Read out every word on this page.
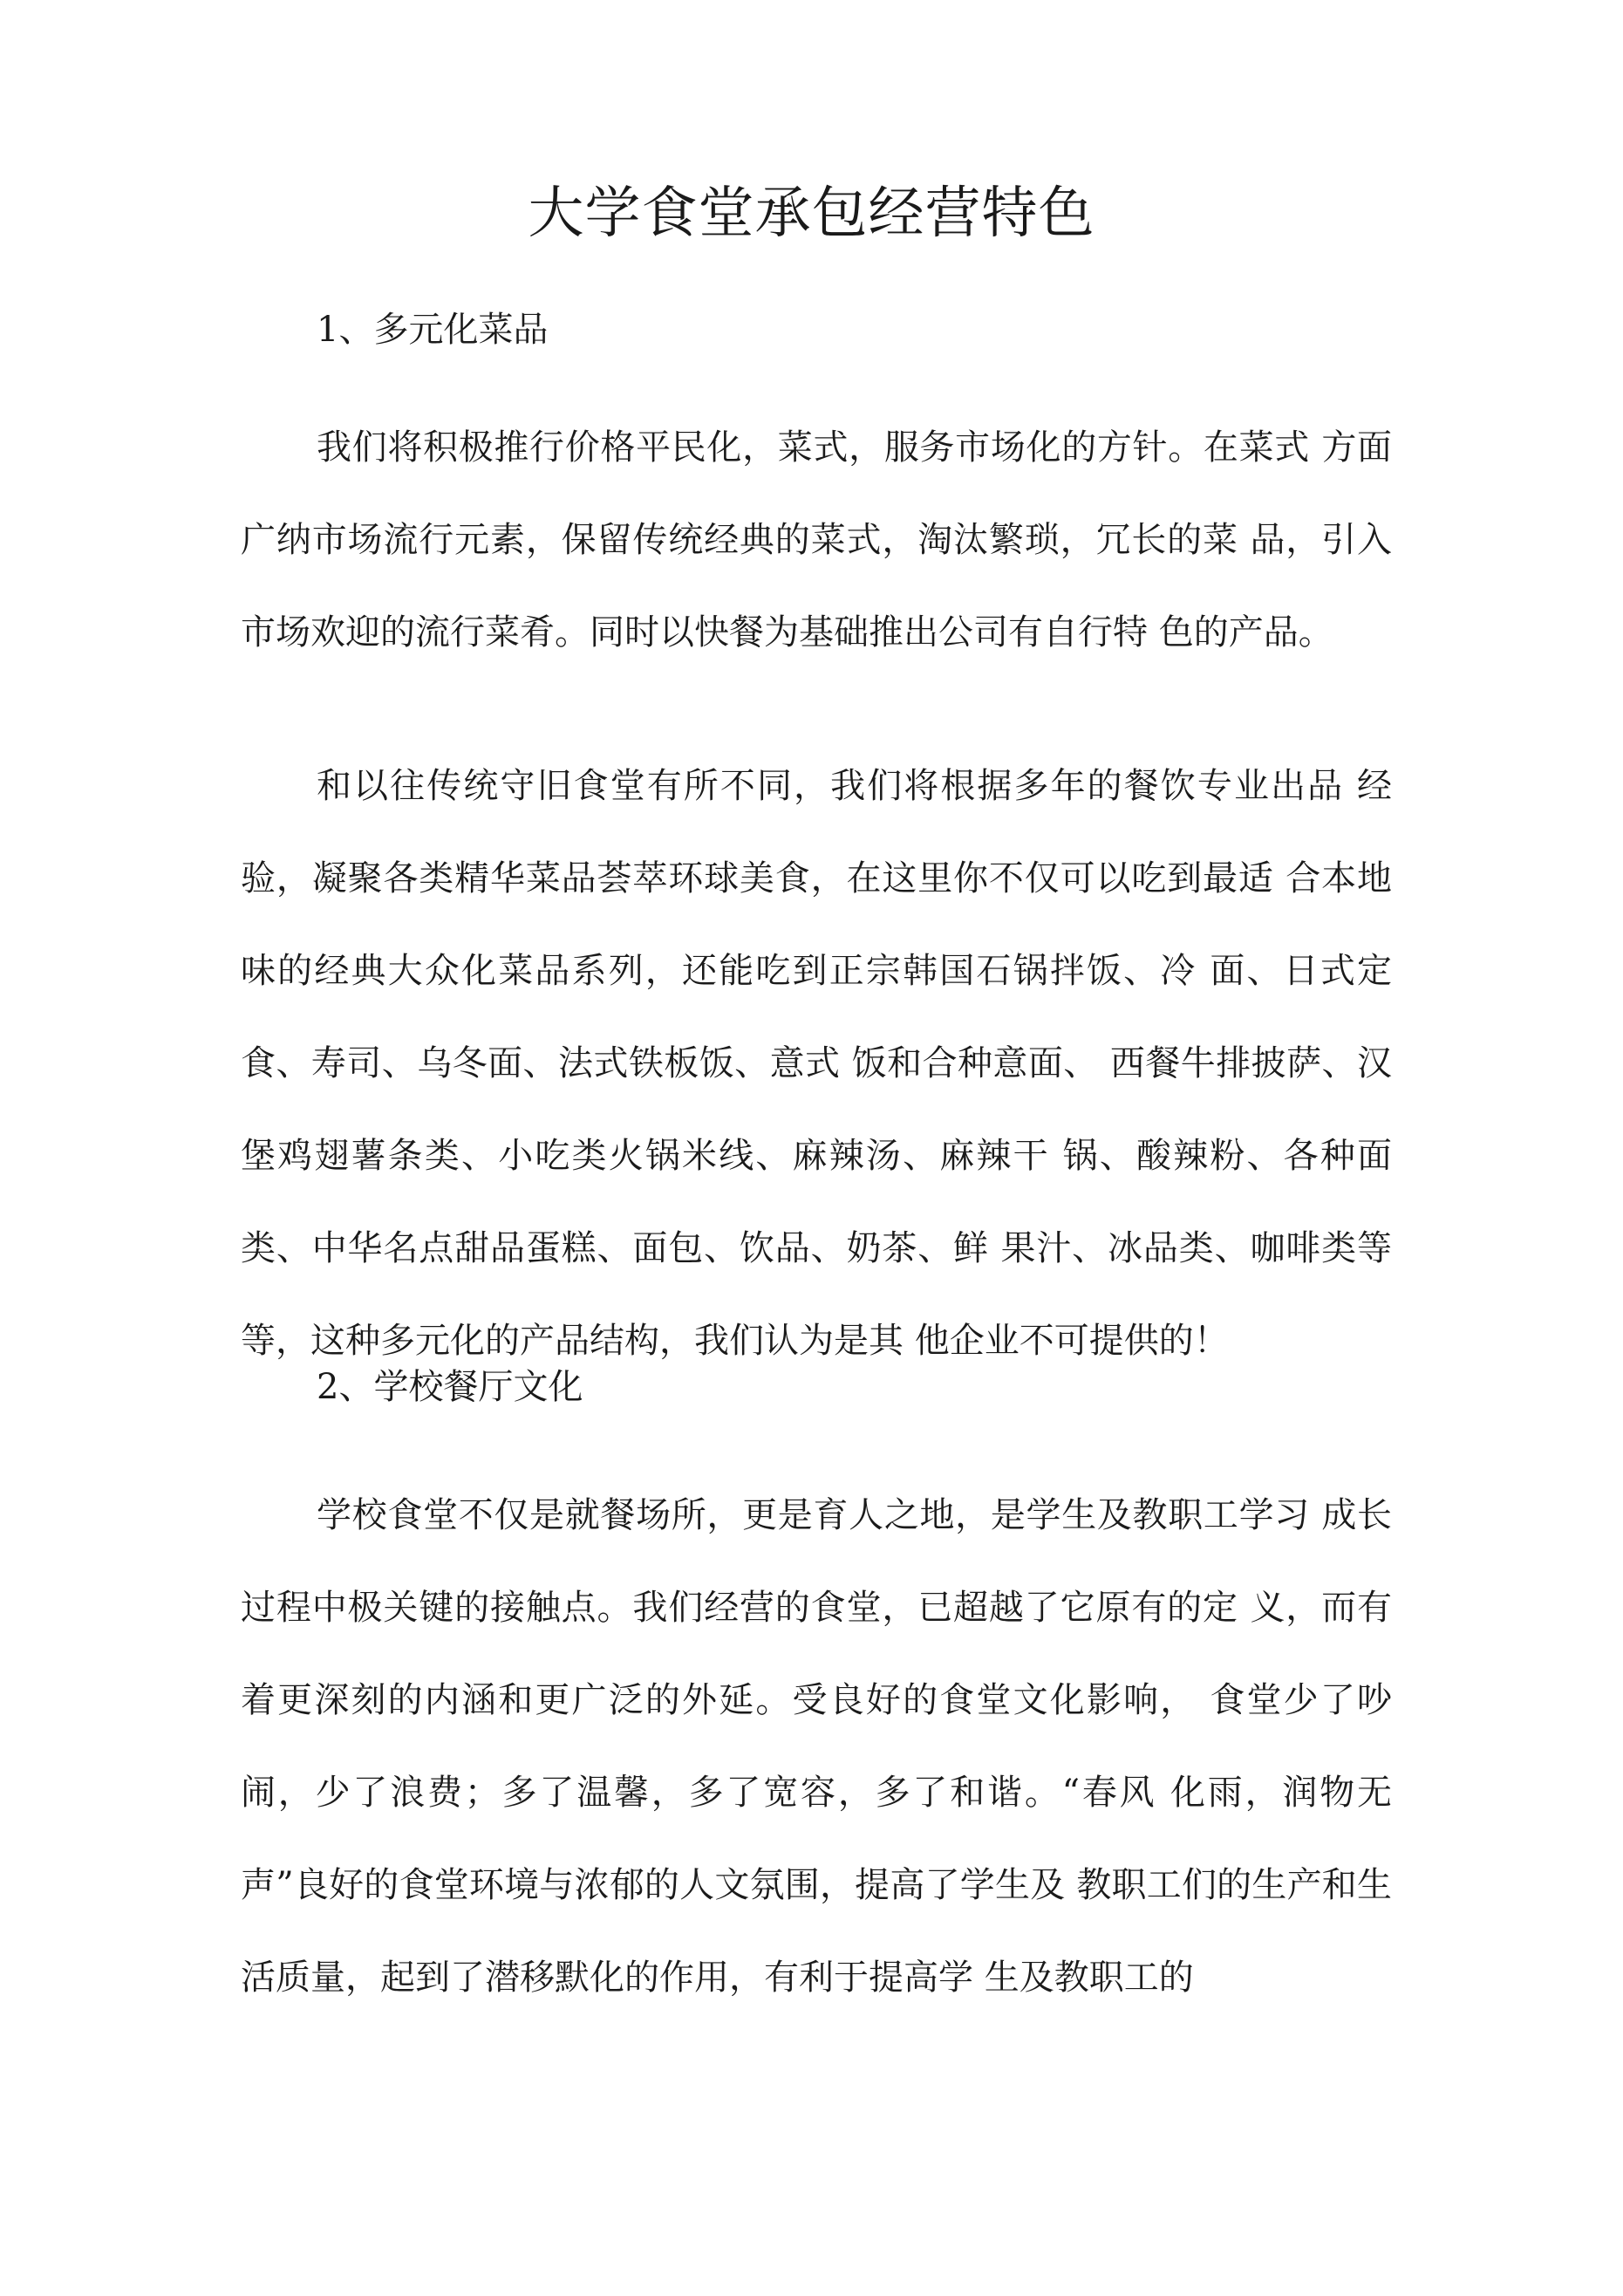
大学食堂承包经营特色

1、多元化菜品

我们将积极推行价格平民化，菜式，服务市场化的方针。在菜式 方面广纳市场流行元素，保留传统经典的菜式，淘汰繁琐，冗长的菜 品，引入市场欢迎的流行菜肴。同时以快餐为基础推出公司有自行特 色的产品。

和以往传统守旧食堂有所不同，我们将根据多年的餐饮专业出品 经验，凝聚各类精华菜品荟萃环球美食，在这里你不仅可以吃到最适 合本地味的经典大众化菜品系列，还能吃到正宗韩国石锅拌饭、冷 面、日式定食、寿司、乌冬面、法式铁板饭、意式 饭和合种意面、 西餐牛排披萨、汉堡鸡翅薯条类、小吃类火锅米线、麻辣汤、麻辣干 锅、酸辣粉、各种面类、中华名点甜品蛋糕、面包、饮品、奶茶、鲜 果汁、冰品类、咖啡类等等，这种多元化的产品结构，我们认为是其 他企业不可提供的！

2、学校餐厅文化

学校食堂不仅是就餐场所，更是育人之地，是学生及教职工学习 成长过程中极关键的接触点。我们经营的食堂，已超越了它原有的定 义，而有着更深刻的内涵和更广泛的外延。受良好的食堂文化影响， 食堂少了吵闹，少了浪费；多了温馨，多了宽容，多了和谐。“春风 化雨，润物无声”良好的食堂环境与浓郁的人文氛围，提高了学生及 教职工们的生产和生活质量，起到了潜移默化的作用，有利于提高学 生及教职工的
